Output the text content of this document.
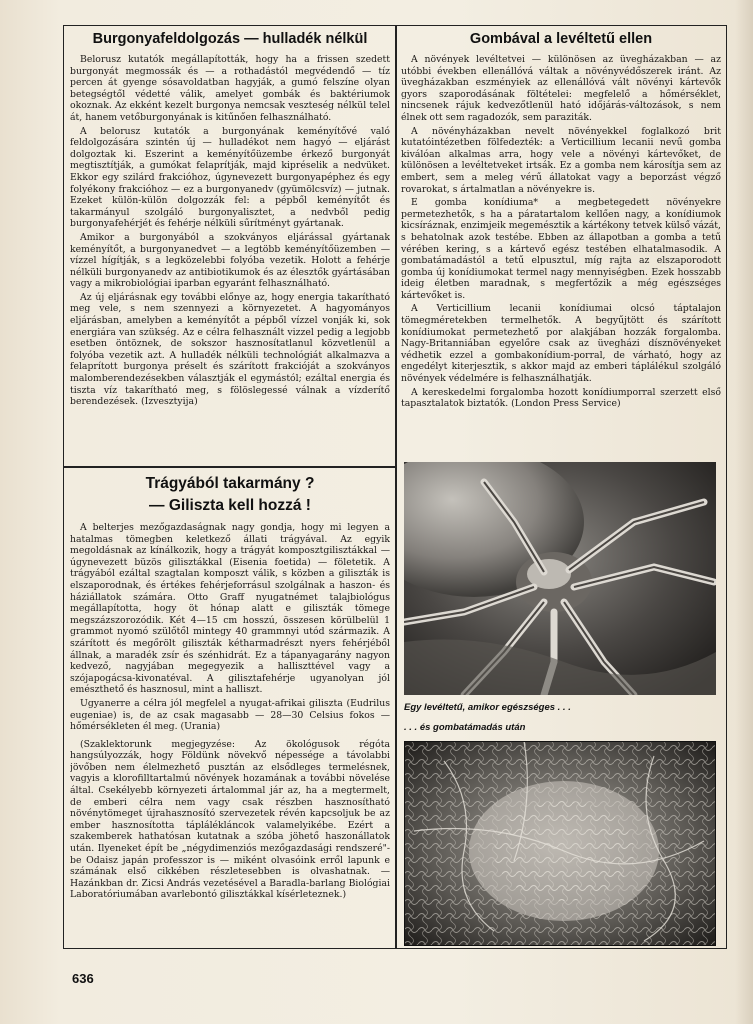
Burgonyafeldolgozás — hulladék nélkül

Belorusz kutatók megállapították, hogy ha a frissen szedett burgonyát megmossák és — a rothadástól megvédendő — tíz percen át gyenge sósavoldatban hagyják, a gumó felszíne olyan betegségtől védetté válik, amelyet gombák és baktériumok okoznak. Az ekként kezelt burgonya nemcsak veszteség nélkül telel át, hanem vetőburgonyának is kitűnően felhasználható.

A belorusz kutatók a burgonyának keményítővé való feldolgozására szintén új — hulladékot nem hagyó — eljárást dolgoztak ki. Eszerint a keményítőüzembe érkező burgonyát megtisztítják, a gumókat felaprítják, majd kipréselik a nedvüket. Ekkor egy szilárd frakcióhoz, úgynevezett burgonyapéphez és egy folyékony frakcióhoz — ez a burgonyanedv (gyümölcsvíz) — jutnak. Ezeket külön-külön dolgozzák fel: a pépből keményítőt és takarmányul szolgáló burgonyalisztet, a nedvből pedig burgonyafehérjét és fehérje nélküli sűrítményt gyártanak.

Amikor a burgonyából a szokványos eljárással gyártanak keményítőt, a burgonyanedvet — a legtöbb keményítőüzemben — vízzel hígítják, s a legközelebbi folyóba vezetik. Holott a fehérje nélküli burgonyanedv az antibiotikumok és az élesztők gyártásában vagy a mikrobiológiai iparban egyaránt felhasználható.

Az új eljárásnak egy további előnye az, hogy energia takarítható meg vele, s nem szennyezi a környezetet. A hagyományos eljárásban, amelyben a keményítőt a pépből vízzel vonják ki, sok energiára van szükség. Az e célra felhasznált vizzel pedig a legjobb esetben öntöznek, de sokszor hasznosítatlanul közvetlenül a folyóba vezetik azt. A hulladék nélküli technológiát alkalmazva a felaprított burgonya préselt és szárított frakcióját a szokványos malomberendezésekben választják el egymástól; ezáltal energia és tiszta víz takarítható meg, s fölöslegessé válnak a vízderítő berendezések. (Izvesztyija)

Trágyából takarmány ?
— Giliszta kell hozzá !

A belterjes mezőgazdaságnak nagy gondja, hogy mi legyen a hatalmas tömegben keletkező állati trágyával. Az egyik megoldásnak az kínálkozik, hogy a trágyát komposztgilisztákkal — úgynevezett büzös gilisztákkal (Eisenia foetida) — föletetik. A trágyából ezáltal szagtalan komposzt válik, s közben a giliszták is elszaporodnak, és értékes fehérjeforrásul szolgálnak a haszon- és háziállatok számára. Otto Graff nyugatnémet talajbiológus megállapította, hogy öt hónap alatt e giliszták tömege megszázszorozódik. Két 4—15 cm hosszú, összesen körülbelül 1 grammot nyomó szülőtől mintegy 40 grammnyi utód származik. A szárított és megőrölt giliszták kétharmadrészt nyers fehérjéből állnak, a maradék zsír és szénhidrát. Ez a tápanyagarány nagyon kedvező, nagyjában megegyezik a halliszttével vagy a szójapogácsa-kivonatéval. A gilisztafehérje ugyanolyan jól emészthető és hasznosul, mint a halliszt.

Ugyanerre a célra jól megfelel a nyugat-afrikai giliszta (Eudrilus eugeniae) is, de az csak magasabb — 28—30 Celsius fokos — hőmérsékleten él meg. (Urania)

(Szaklektorunk megjegyzése: Az ökológusok régóta hangsúlyozzák, hogy Földünk növekvő népessége a távolabbi jövőben nem élelmezhető pusztán az elsődleges termelésnek, vagyis a klorofilltartalmú növények hozamának a további növelése által. Csekélyebb környezeti ártalommal jár az, ha a megtermelt, de emberi célra nem vagy csak részben hasznosítható növénytömeget újrahasznosító szervezetek révén kapcsoljuk be az ember hasznosította táplálékláncok valamelyikébe. Ezért a szakemberek hathatósan kutatnak a szóba jöhető haszonállatok után. Ilyeneket épít be „négydimenziós mezőgazdasági rendszeré"-be Odaisz japán professzor is — miként olvasóink erről lapunk e számának első cikkében részletesebben is olvashatnak. — Hazánkban dr. Zicsi András vezetésével a Baradla-barlang Biológiai Laboratóriumában avarlebontó gilisztákkal kísérleteznek.)

Gombával a levéltetű ellen

A növények levéltetvei — különösen az üvegházakban — az utóbbi években ellenállóvá váltak a növényvédőszerek iránt. Az üvegházakban eszményiek az ellenállóvá vált növényi kártevők gyors szaporodásának föltételei: megfelelő a hőmérséklet, nincsenek rájuk kedvezőtlenül ható időjárás-változások, s nem élnek ott sem ragadozók, sem paraziták.

A növényházakban nevelt növényekkel foglalkozó brit kutatóintézetben fölfedezték: a Verticillium lecanii nevű gomba kiválóan alkalmas arra, hogy vele a növényi kártevőket, de különösen a levéltetveket irtsák. Ez a gomba nem károsítja sem az embert, sem a meleg vérű állatokat vagy a beporzást végző rovarokat, s ártalmatlan a növényekre is.

E gomba konídiuma* a megbetegedett növényekre permetezhetők, s ha a páratartalom kellően nagy, a konídiumok kicsíráznak, enzimjeik megemésztik a kártékony tetvek külső vázát, s behatolnak azok testébe. Ebben az állapotban a gomba a tetű vérében kering, s a kártevő egész testében elhatalmasodik. A gombatámadástól a tetű elpusztul, míg rajta az elszaporodott gomba új konídiumokat termel nagy mennyiségben. Ezek hosszabb ideig életben maradnak, s megfertőzik a még egészséges kártevőket is.

A Verticillium lecanii konídiumai olcsó táptalajon tömegméretekben termelhetők. A begyűjtött és szárított konídiumokat permetezhető por alakjában hozzák forgalomba. Nagy-Britanniában egyelőre csak az üvegházi dísznövényeket védhetik ezzel a gombakonídium-porral, de várható, hogy az engedélyt kiterjesztik, s akkor majd az emberi táplálékul szolgáló növények védelmére is felhasználhatják.

A kereskedelmi forgalomba hozott konídiumporral szerzett első tapasztalatok biztatók. (London Press Service)

Egy levéltetű, amikor egészséges . . .
. . . és gombatámadás után
636
